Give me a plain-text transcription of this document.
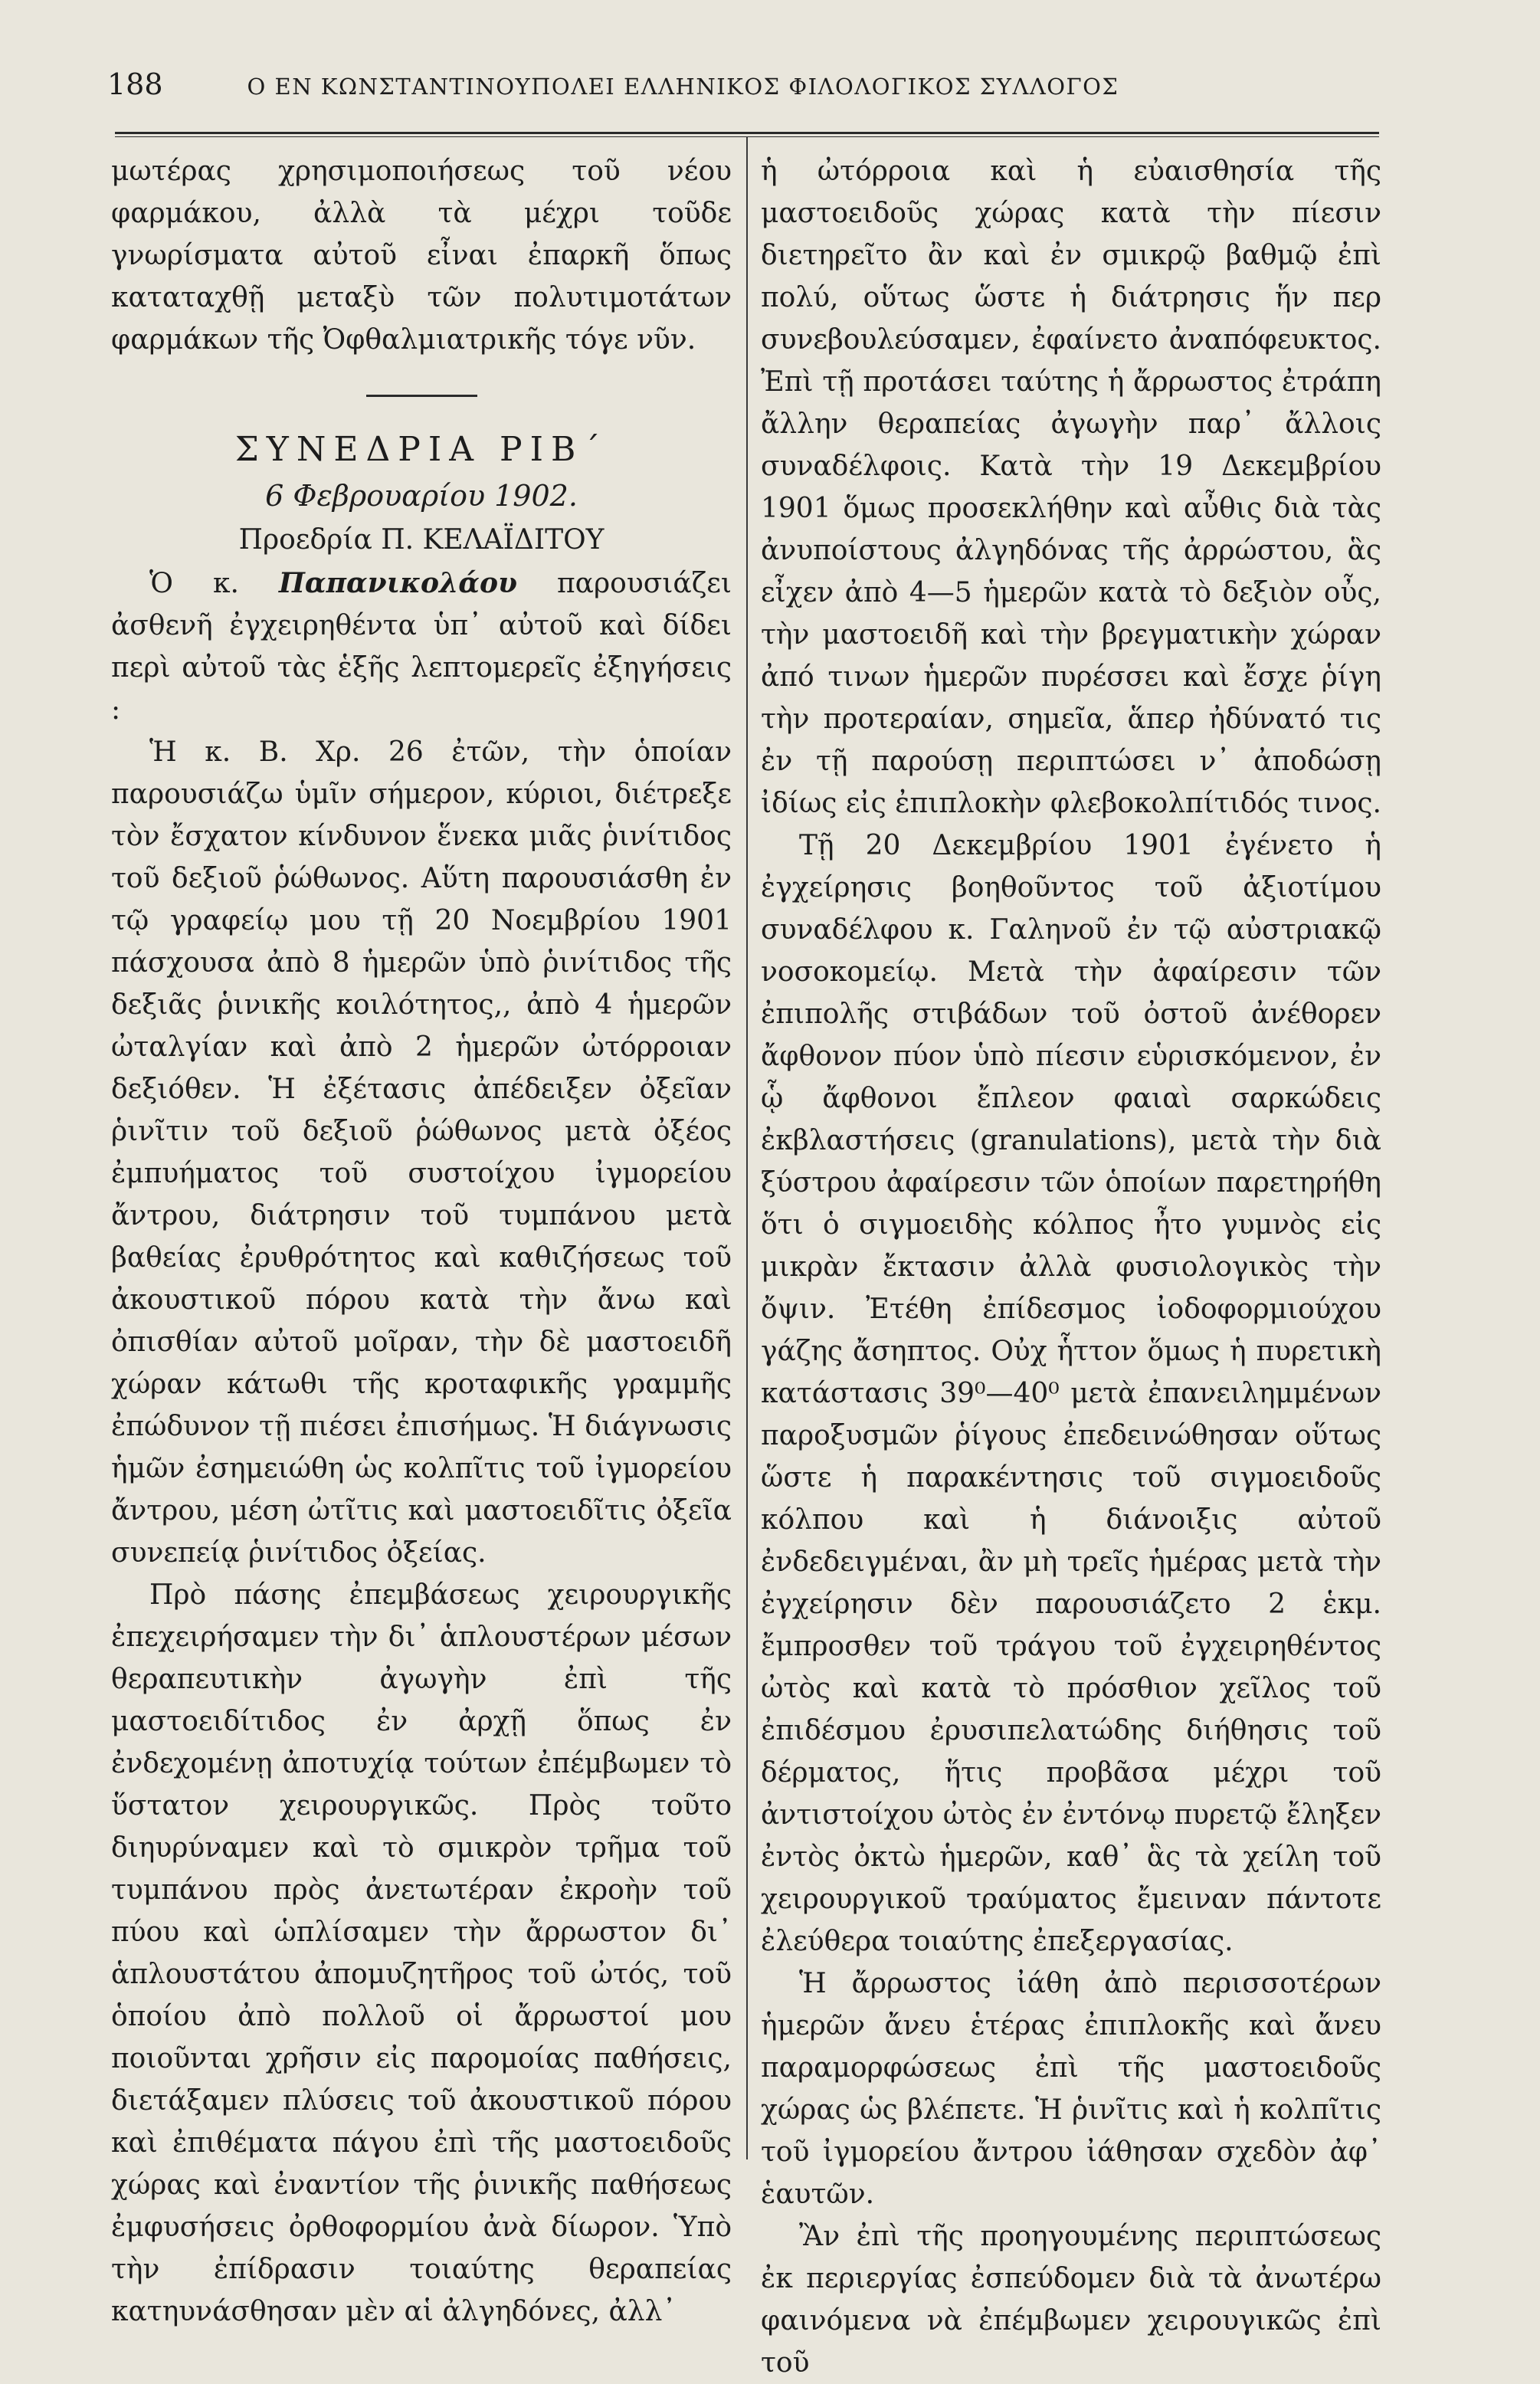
188	Ο ΕΝ ΚΩΝΣΤΑΝΤΙΝΟΥΠΟΛΕΙ ΕΛΛΗΝΙΚΟΣ ΦΙΛΟΛΟΓΙΚΟΣ ΣΥΛΛΟΓΟΣ

μωτέρας χρησιμοποιήσεως τοῦ νέου φαρμάκου, ἀλλὰ τὰ μέχρι τοῦδε γνωρίσματα αὐτοῦ εἶναι ἐπαρκῆ ὅπως καταταχθῇ μεταξὺ τῶν πολυτιμοτάτων φαρμάκων τῆς Ὀφθαλμιατρικῆς τόγε νῦν.

ΣΥΝΕΔΡΙΑ ΡΙΒ΄

6 Φεβρουαρίου 1902.

Προεδρία Π. ΚΕΛΑΪΔΙΤΟΥ

Ὁ κ. Παπανικολάου παρουσιάζει ἀσθενῆ ἐγχειρηθέντα ὑπ᾽ αὐτοῦ καὶ δίδει περὶ αὐτοῦ τὰς ἑξῆς λεπτομερεῖς ἐξηγήσεις :

Ἡ κ. Β. Χρ. 26 ἐτῶν, τὴν ὁποίαν παρουσιάζω ὑμῖν σήμερον, κύριοι, διέτρεξε τὸν ἔσχατον κίνδυνον ἕνεκα μιᾶς ῥινίτιδος τοῦ δεξιοῦ ῥώθωνος. Αὕτη παρουσιάσθη ἐν τῷ γραφείῳ μου τῇ 20 Νοεμβρίου 1901 πάσχουσα ἀπὸ 8 ἡμερῶν ὑπὸ ῥινίτιδος τῆς δεξιᾶς ῥινικῆς κοιλότητος,, ἀπὸ 4 ἡμερῶν ὠταλγίαν καὶ ἀπὸ 2 ἡμερῶν ὠτόρροιαν δεξιόθεν. Ἡ ἐξέτασις ἀπέδειξεν ὀξεῖαν ῥινῖτιν τοῦ δεξιοῦ ῥώθωνος μετὰ ὀξέος ἐμπυήματος τοῦ συστοίχου ἰγμορείου ἄντρου, διάτρησιν τοῦ τυμπάνου μετὰ βαθείας ἐρυθρότητος καὶ καθιζήσεως τοῦ ἀκουστικοῦ πόρου κατὰ τὴν ἄνω καὶ ὀπισθίαν αὐτοῦ μοῖραν, τὴν δὲ μαστοειδῆ χώραν κάτωθι τῆς κροταφικῆς γραμμῆς ἐπώδυνον τῇ πιέσει ἐπισήμως. Ἡ διάγνωσις ἡμῶν ἐσημειώθη ὡς κολπῖτις τοῦ ἰγμορείου ἄντρου, μέση ὠτῖτις καὶ μαστοειδῖτις ὀξεῖα συνεπείᾳ ῥινίτιδος ὀξείας.

Πρὸ πάσης ἐπεμβάσεως χειρουργικῆς ἐπεχειρήσαμεν τὴν δι᾽ ἁπλουστέρων μέσων θεραπευτικὴν ἀγωγὴν ἐπὶ τῆς μαστοειδίτιδος ἐν ἀρχῇ ὅπως ἐν ἐνδεχομένῃ ἀποτυχίᾳ τούτων ἐπέμβωμεν τὸ ὕστατον χειρουργικῶς. Πρὸς τοῦτο διηυρύναμεν καὶ τὸ σμικρὸν τρῆμα τοῦ τυμπάνου πρὸς ἀνετωτέραν ἐκροὴν τοῦ πύου καὶ ὡπλίσαμεν τὴν ἄρρωστον δι᾽ ἁπλουστάτου ἀπομυζητῆρος τοῦ ὠτός, τοῦ ὁποίου ἀπὸ πολλοῦ οἱ ἄρρωστοί μου ποιοῦνται χρῆσιν εἰς παρομοίας παθήσεις, διετάξαμεν πλύσεις τοῦ ἀκουστικοῦ πόρου καὶ ἐπιθέματα πάγου ἐπὶ τῆς μαστοειδοῦς χώρας καὶ ἐναντίον τῆς ῥινικῆς παθήσεως ἐμφυσήσεις ὀρθοφορμίου ἀνὰ δίωρον. Ὑπὸ τὴν ἐπίδρασιν τοιαύτης θεραπείας κατηυνάσθησαν μὲν αἱ ἀλγηδόνες, ἀλλ᾽

ἡ ὠτόρροια καὶ ἡ εὐαισθησία τῆς μαστοειδοῦς χώρας κατὰ τὴν πίεσιν διετηρεῖτο ἂν καὶ ἐν σμικρῷ βαθμῷ ἐπὶ πολύ, οὕτως ὥστε ἡ διάτρησις ἥν περ συνεβουλεύσαμεν, ἐφαίνετο ἀναπόφευκτος. Ἐπὶ τῇ προτάσει ταύτης ἡ ἄρρωστος ἐτράπη ἄλλην θεραπείας ἀγωγὴν παρ᾽ ἄλλοις συναδέλφοις. Κατὰ τὴν 19 Δεκεμβρίου 1901 ὅμως προσεκλήθην καὶ αὖθις διὰ τὰς ἀνυποίστους ἀλγηδόνας τῆς ἀρρώστου, ἃς εἶχεν ἀπὸ 4—5 ἡμερῶν κατὰ τὸ δεξιὸν οὖς, τὴν μαστοειδῆ καὶ τὴν βρεγματικὴν χώραν ἀπό τινων ἡμερῶν πυρέσσει καὶ ἔσχε ῥίγη τὴν προτεραίαν, σημεῖα, ἅπερ ἠδύνατό τις ἐν τῇ παρούσῃ περιπτώσει ν᾽ ἀποδώσῃ ἰδίως εἰς ἐπιπλοκὴν φλεβοκολπίτιδός τινος.

Τῇ 20 Δεκεμβρίου 1901 ἐγένετο ἡ ἐγχείρησις βοηθοῦντος τοῦ ἀξιοτίμου συναδέλφου κ. Γαληνοῦ ἐν τῷ αὐστριακῷ νοσοκομείῳ. Μετὰ τὴν ἀφαίρεσιν τῶν ἐπιπολῆς στιβάδων τοῦ ὀστοῦ ἀνέθορεν ἄφθονον πύον ὑπὸ πίεσιν εὑρισκόμενον, ἐν ᾧ ἄφθονοι ἔπλεον φαιαὶ σαρκώδεις ἐκβλαστήσεις (granulations), μετὰ τὴν διὰ ξύστρου ἀφαίρεσιν τῶν ὁποίων παρετηρήθη ὅτι ὁ σιγμοειδὴς κόλπος ἦτο γυμνὸς εἰς μικρὰν ἔκτασιν ἀλλὰ φυσιολογικὸς τὴν ὄψιν. Ἐτέθη ἐπίδεσμος ἰοδοφορμιούχου γάζης ἄσηπτος. Οὐχ ἧττον ὅμως ἡ πυρετικὴ κατάστασις 39⁰—40⁰ μετὰ ἐπανειλημμένων παροξυσμῶν ῥίγους ἐπεδεινώθησαν οὕτως ὥστε ἡ παρακέντησις τοῦ σιγμοειδοῦς κόλπου καὶ ἡ διάνοιξις αὐτοῦ ἐνδεδειγμέναι, ἂν μὴ τρεῖς ἡμέρας μετὰ τὴν ἐγχείρησιν δὲν παρουσιάζετο 2 ἑκμ. ἔμπροσθεν τοῦ τράγου τοῦ ἐγχειρηθέντος ὠτὸς καὶ κατὰ τὸ πρόσθιον χεῖλος τοῦ ἐπιδέσμου ἐρυσιπελατώδης διήθησις τοῦ δέρματος, ἥτις προβᾶσα μέχρι τοῦ ἀντιστοίχου ὠτὸς ἐν ἐντόνῳ πυρετῷ ἔληξεν ἐντὸς ὀκτὼ ἡμερῶν, καθ᾽ ἃς τὰ χείλη τοῦ χειρουργικοῦ τραύματος ἔμειναν πάντοτε ἐλεύθερα τοιαύτης ἐπεξεργασίας.

Ἡ ἄρρωστος ἰάθη ἀπὸ περισσοτέρων ἡμερῶν ἄνευ ἑτέρας ἐπιπλοκῆς καὶ ἄνευ παραμορφώσεως ἐπὶ τῆς μαστοειδοῦς χώρας ὡς βλέπετε. Ἡ ῥινῖτις καὶ ἡ κολπῖτις τοῦ ἰγμορείου ἄντρου ἰάθησαν σχεδὸν ἀφ᾽ ἑαυτῶν.

Ἂν ἐπὶ τῆς προηγουμένης περιπτώσεως ἐκ περιεργίας ἐσπεύδομεν διὰ τὰ ἀνωτέρω φαινόμενα νὰ ἐπέμβωμεν χειρουγικῶς ἐπὶ τοῦ
